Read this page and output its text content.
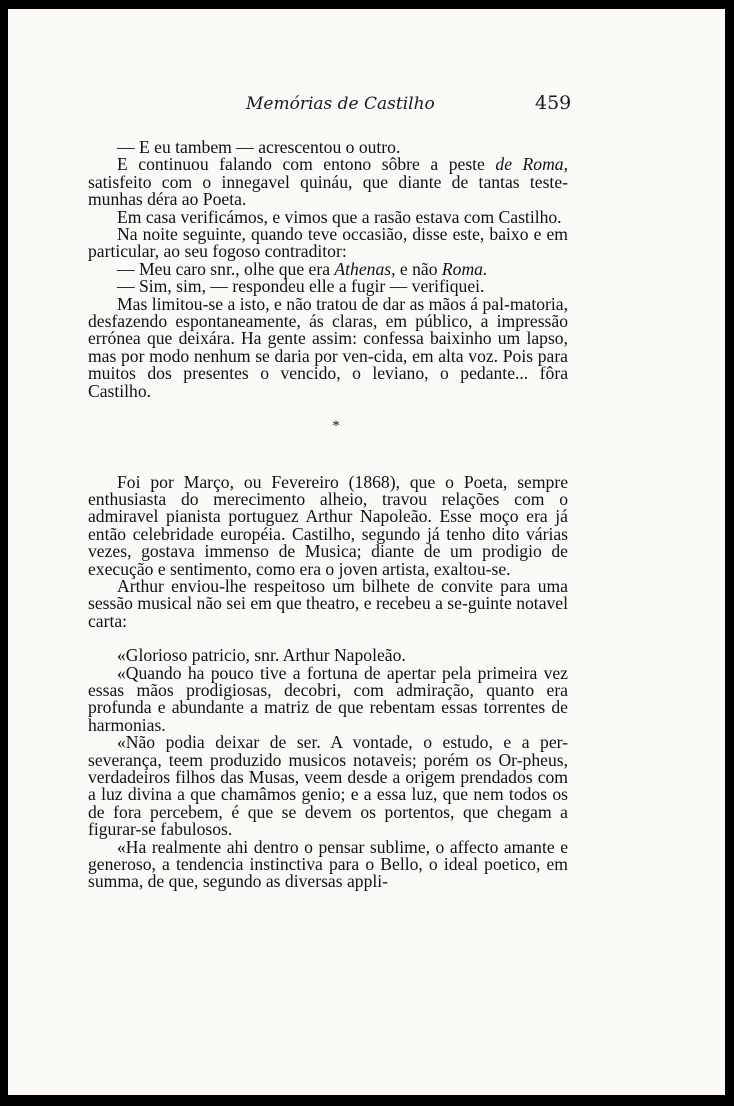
Memórias de Castilho	459

— E eu tambem — acrescentou o outro.

E continuou falando com entono sôbre a peste de Roma, satisfeito com o innegavel quináu, que diante de tantas teste-munhas déra ao Poeta.

Em casa verificámos, e vimos que a rasão estava com Castilho.

Na noite seguinte, quando teve occasião, disse este, baixo e em particular, ao seu fogoso contraditor:

— Meu caro snr., olhe que era Athenas, e não Roma.

— Sim, sim, — respondeu elle a fugir — verifiquei.

Mas limitou-se a isto, e não tratou de dar as mãos á pal-matoria, desfazendo espontaneamente, ás claras, em público, a impressão errónea que deixára. Ha gente assim: confessa baixinho um lapso, mas por modo nenhum se daria por ven-cida, em alta voz. Pois para muitos dos presentes o vencido, o leviano, o pedante... fôra Castilho.

*

Foi por Março, ou Fevereiro (1868), que o Poeta, sempre enthusiasta do merecimento alheio, travou relações com o admiravel pianista portuguez Arthur Napoleão. Esse moço era já então celebridade européia. Castilho, segundo já tenho dito várias vezes, gostava immenso de Musica; diante de um prodigio de execução e sentimento, como era o joven artista, exaltou-se.

Arthur enviou-lhe respeitoso um bilhete de convite para uma sessão musical não sei em que theatro, e recebeu a se-guinte notavel carta:

«Glorioso patricio, snr. Arthur Napoleão.

«Quando ha pouco tive a fortuna de apertar pela primeira vez essas mãos prodigiosas, decobri, com admiração, quanto era profunda e abundante a matriz de que rebentam essas torrentes de harmonias.

«Não podia deixar de ser. A vontade, o estudo, e a per-severança, teem produzido musicos notaveis; porém os Or-pheus, verdadeiros filhos das Musas, veem desde a origem prendados com a luz divina a que chamâmos genio; e a essa luz, que nem todos os de fora percebem, é que se devem os portentos, que chegam a figurar-se fabulosos.

«Ha realmente ahi dentro o pensar sublime, o affecto amante e generoso, a tendencia instinctiva para o Bello, o ideal poetico, em summa, de que, segundo as diversas appli-
